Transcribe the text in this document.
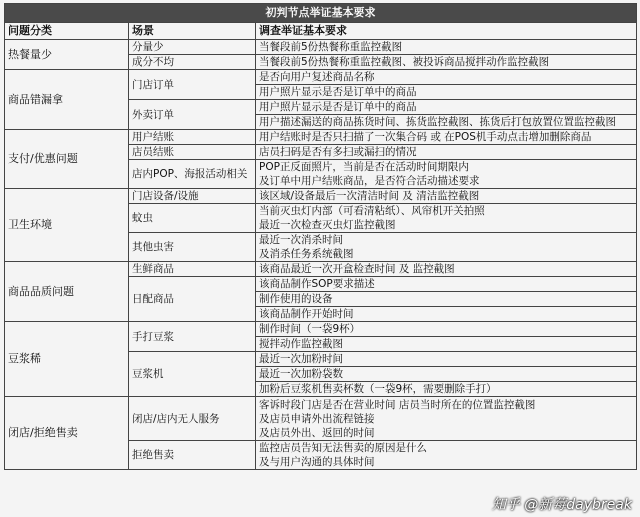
初判节点举证基本要求		
问题分类	场景	调查举证基本要求
热餐量少	分量少	当餐段前5份热餐称重监控截图
	成分不均	当餐段前5份热餐称重监控截图、被投诉商品搅拌动作监控截图
商品错漏拿	门店订单	是否向用户复述商品名称
		用户照片显示是否是订单中的商品
	外卖订单	用户照片显示是否是订单中的商品
		用户描述漏送的商品拣货时间、拣货监控截图、拣货后打包放置位置监控截图
支付/优惠问题	用户结账	用户结账时是否只扫描了一次集合码 或 在POS机手动点击增加删除商品
	店员结账	店员扫码是否有多扫或漏扫的情况
	店内POP、海报活动相关	POP正反面照片，当前是否在活动时间期限内
及订单中用户结账商品，是否符合活动描述要求

卫生环境	门店设备/设施	该区域/设备最后一次清洁时间 及 清洁监控截图
	蚊虫	当前灭虫灯内部（可看清粘纸）、风帘机开关拍照
最近一次检查灭虫灯监控截图

	其他虫害	最近一次消杀时间
及消杀任务系统截图

商品品质问题	生鲜商品	该商品最近一次开盒检查时间 及 监控截图
	日配商品	该商品制作SOP要求描述
		制作使用的设备
		该商品制作开始时间
豆浆稀	手打豆浆	制作时间（一袋9杯）
		搅拌动作监控截图
	豆浆机	最近一次加粉时间
		最近一次加粉袋数
		加粉后豆浆机售卖杯数（一袋9杯，需要删除手打）
闭店/拒绝售卖	闭店/店内无人服务	客诉时段门店是否在营业时间 店员当时所在的位置监控截图
及店员申请外出流程链接
及店员外出、返回的时间

	拒绝售卖	监控店员告知无法售卖的原因是什么
及与用户沟通的具体时间
知乎 @新莓daybreak
